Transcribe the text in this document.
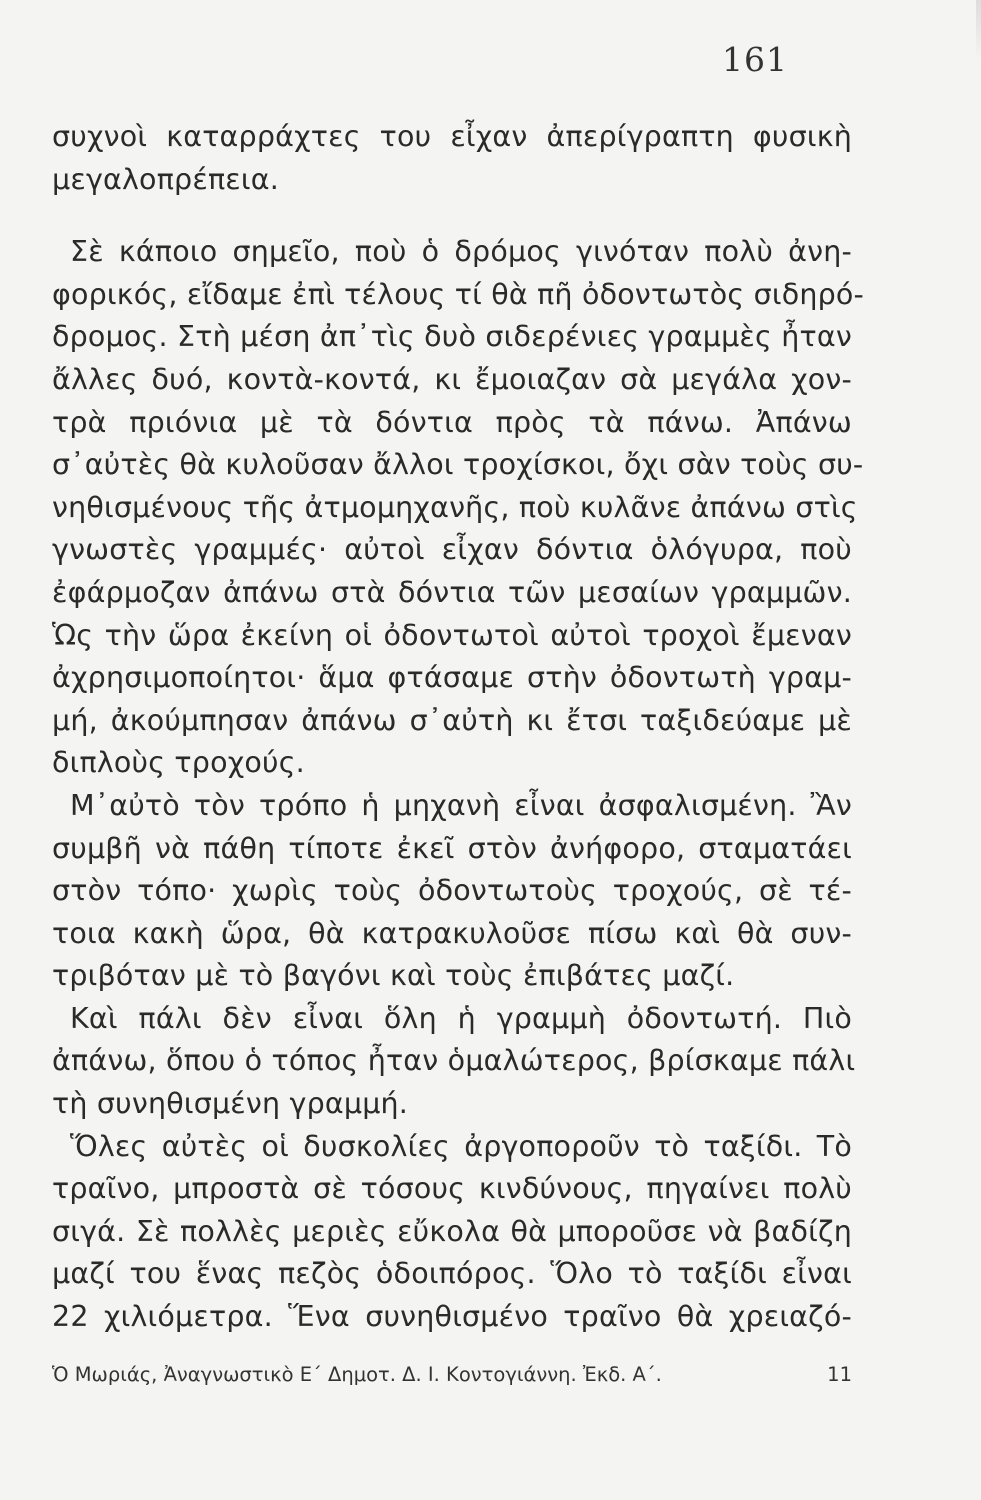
161
συχνοὶ καταρράχτες του εἶχαν ἀπερίγραπτη φυσικὴ
μεγαλοπρέπεια.
Σὲ κάποιο σημεῖο, ποὺ ὁ δρόμος γινόταν πολὺ ἀνη-
φορικός, εἴδαμε ἐπὶ τέλους τί θὰ πῆ ὀδοντωτὸς σιδηρό-
δρομος. Στὴ μέση ἀπ᾽τὶς δυὸ σιδερένιες γραμμὲς ἦταν
ἄλλες δυό, κοντὰ-κοντά, κι ἔμοιαζαν σὰ μεγάλα χον-
τρὰ πριόνια μὲ τὰ δόντια πρὸς τὰ πάνω. Ἀπάνω
σ᾽αὐτὲς θὰ κυλοῦσαν ἄλλοι τροχίσκοι, ὄχι σὰν τοὺς συ-
νηθισμένους τῆς ἀτμομηχανῆς, ποὺ κυλᾶνε ἀπάνω στὶς
γνωστὲς γραμμές· αὐτοὶ εἶχαν δόντια ὁλόγυρα, ποὺ
ἐφάρμοζαν ἀπάνω στὰ δόντια τῶν μεσαίων γραμμῶν.
Ὡς τὴν ὥρα ἐκείνη οἱ ὀδοντωτοὶ αὐτοὶ τροχοὶ ἔμεναν
ἀχρησιμοποίητοι· ἅμα φτάσαμε στὴν ὀδοντωτὴ γραμ-
μή, ἀκούμπησαν ἀπάνω σ᾽αὐτὴ κι ἔτσι ταξιδεύαμε μὲ
διπλοὺς τροχούς.
Μ᾽αὐτὸ τὸν τρόπο ἡ μηχανὴ εἶναι ἀσφαλισμένη. Ἂν
συμβῆ νὰ πάθη τίποτε ἐκεῖ στὸν ἀνήφορο, σταματάει
στὸν τόπο· χωρὶς τοὺς ὀδοντωτοὺς τροχούς, σὲ τέ-
τοια κακὴ ὥρα, θὰ κατρακυλοῦσε πίσω καὶ θὰ συν-
τριβόταν μὲ τὸ βαγόνι καὶ τοὺς ἐπιβάτες μαζί.
Καὶ πάλι δὲν εἶναι ὅλη ἡ γραμμὴ ὀδοντωτή. Πιὸ
ἀπάνω, ὅπου ὁ τόπος ἦταν ὁμαλώτερος, βρίσκαμε πάλι
τὴ συνηθισμένη γραμμή.
Ὅλες αὐτὲς οἱ δυσκολίες ἀργοποροῦν τὸ ταξίδι. Τὸ
τραῖνο, μπροστὰ σὲ τόσους κινδύνους, πηγαίνει πολὺ
σιγά. Σὲ πολλὲς μεριὲς εὔκολα θὰ μποροῦσε νὰ βαδίζη
μαζί του ἕνας πεζὸς ὁδοιπόρος. Ὅλο τὸ ταξίδι εἶναι
22 χιλιόμετρα. Ἕνα συνηθισμένο τραῖνο θὰ χρειαζό-
Ὁ Μωριάς, Ἀναγνωστικὸ Ε´ Δημοτ. Δ. Ι. Κοντογιάννη. Ἐκδ. Α´.	11
